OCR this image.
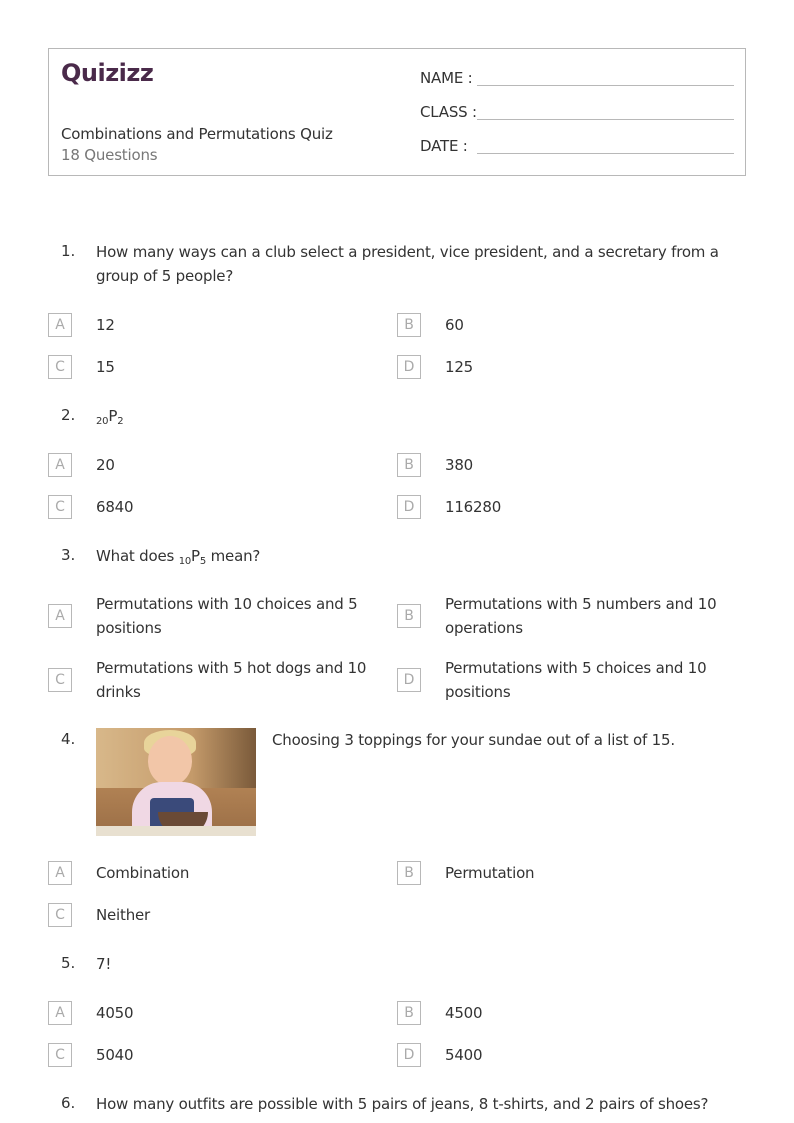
Quizizz
Combinations and Permutations Quiz
18 Questions
NAME :
CLASS :
DATE :
1. How many ways can a club select a president, vice president, and a secretary from a group of 5 people?
A	12	B	60
C	15	D	125
2. $_{20}P_2$
A	20	B	380
C	6840	D	116280
3. What does $_{10}P_5$ mean?
A
Permutations with 10 choices and 5 positions
B
Permutations with 5 numbers and 10 operations
C
Permutations with 5 hot dogs and 10 drinks
D
Permutations with 5 choices and 10 positions
4.	Choosing 3 toppings for your sundae out of a list of 15.
A	Combination	B	Permutation
C	Neither
5. 7!
A	4050	B	4500
C	5040	D	5400
6. How many outfits are possible with 5 pairs of jeans, 8 t-shirts, and 2 pairs of shoes?
